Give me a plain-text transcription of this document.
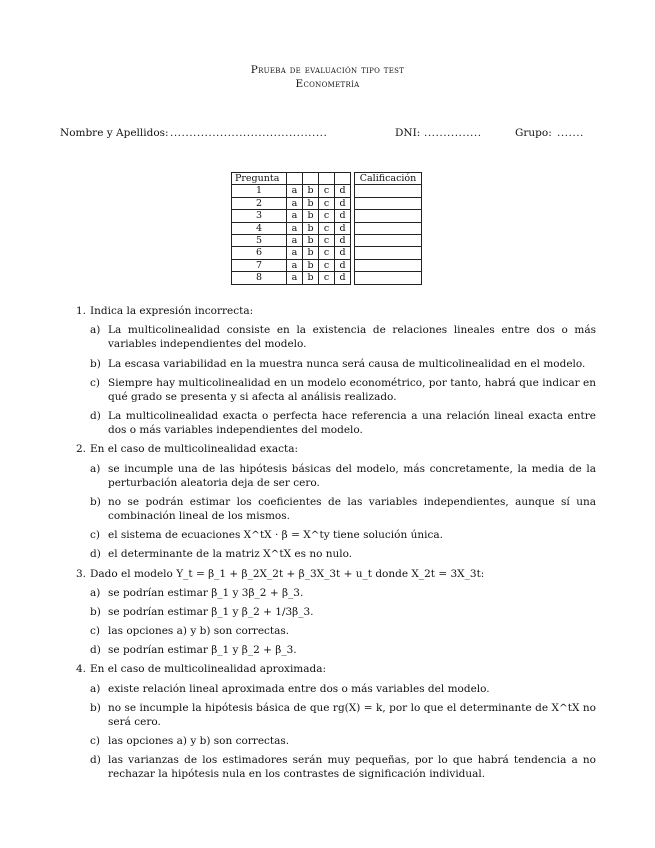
Prueba de evaluación tipo test
Econometría
Nombre y Apellidos: .........................................	DNI: ...............	Grupo: .......
Pregunta						Calificación
1	a	b	c	d		
2	a	b	c	d		
3	a	b	c	d		
4	a	b	c	d		
5	a	b	c	d		
6	a	b	c	d		
7	a	b	c	d		
8	a	b	c	d		
1. Indica la expresión incorrecta:
a) La multicolinealidad consiste en la existencia de relaciones lineales entre dos o más variables independientes del modelo.
b) La escasa variabilidad en la muestra nunca será causa de multicolinealidad en el modelo.
c) Siempre hay multicolinealidad en un modelo econométrico, por tanto, habrá que indicar en qué grado se presenta y si afecta al análisis realizado.
d) La multicolinealidad exacta o perfecta hace referencia a una relación lineal exacta entre dos o más variables independientes del modelo.
2. En el caso de multicolinealidad exacta:
a) se incumple una de las hipótesis básicas del modelo, más concretamente, la media de la perturbación aleatoria deja de ser cero.
b) no se podrán estimar los coeficientes de las variables independientes, aunque sí una combinación lineal de los mismos.
c) el sistema de ecuaciones X^tX · β = X^ty tiene solución única.
d) el determinante de la matriz X^tX es no nulo.
3. Dado el modelo Y_t = β_1 + β_2X_2t + β_3X_3t + u_t donde X_2t = 3X_3t:
a) se podrían estimar β_1 y 3β_2 + β_3.
b) se podrían estimar β_1 y β_2 + 1/3β_3.
c) las opciones a) y b) son correctas.
d) se podrían estimar β_1 y β_2 + β_3.
4. En el caso de multicolinealidad aproximada:
a) existe relación lineal aproximada entre dos o más variables del modelo.
b) no se incumple la hipótesis básica de que rg(X) = k, por lo que el determinante de X^tX no será cero.
c) las opciones a) y b) son correctas.
d) las varianzas de los estimadores serán muy pequeñas, por lo que habrá tendencia a no rechazar la hipótesis nula en los contrastes de significación individual.
